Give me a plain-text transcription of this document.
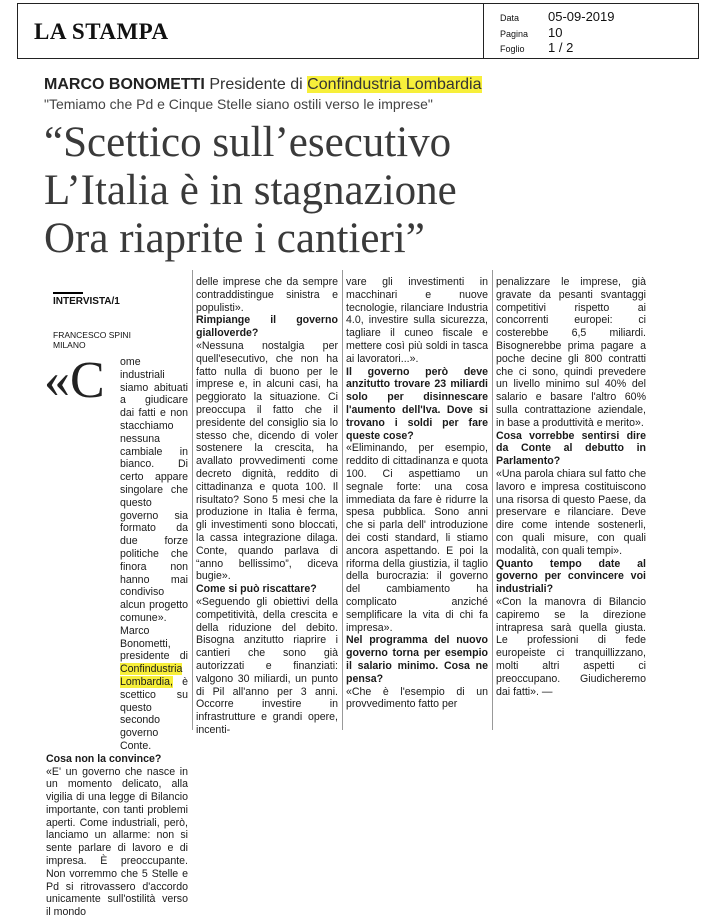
LA STAMPA
Data 05-09-2019
Pagina 10
Foglio 1 / 2
MARCO BONOMETTI Presidente di Confindustria Lombardia
"Temiamo che Pd e Cinque Stelle siano ostili verso le imprese"
“Scettico sull’esecutivo
L’Italia è in stagnazione
Ora riaprite i cantieri”
INTERVISTA/1
FRANCESCO SPINI
MILANO
«C	ome industriali siamo abituati a giudicare dai fatti e non stacchiamo nessuna cambiale in bianco. Di certo appare singolare che questo governo sia formato da due forze politiche che finora non hanno mai condiviso alcun progetto comune». Marco Bonometti, presidente di Confindustria Lombardia, è scettico su questo secondo governo Conte.

Cosa non la convince?

«E' un governo che nasce in un momento delicato, alla vigilia di una legge di Bilancio importante, con tanti problemi aperti. Come industriali, però, lanciamo un allarme: non si sente parlare di lavoro e di impresa. È preoccupante. Non vorremmo che 5 Stelle e Pd si ritrovassero d'accordo unicamente sull'ostilità verso il mondo

delle imprese che da sempre contraddistingue sinistra e populisti».

Rimpiange il governo gialloverde?

«Nessuna nostalgia per quell'esecutivo, che non ha fatto nulla di buono per le imprese e, in alcuni casi, ha peggiorato la situazione. Ci preoccupa il fatto che il presidente del consiglio sia lo stesso che, dicendo di voler sostenere la crescita, ha avallato provvedimenti come decreto dignità, reddito di cittadinanza e quota 100. Il risultato? Sono 5 mesi che la produzione in Italia è ferma, gli investimenti sono bloccati, la cassa integrazione dilaga. Conte, quando parlava di “anno bellissimo”, diceva bugie».

Come si può riscattare?

«Seguendo gli obiettivi della competitività, della crescita e della riduzione del debito. Bisogna anzitutto riaprire i cantieri che sono già autorizzati e finanziati: valgono 30 miliardi, un punto di Pil all'anno per 3 anni. Occorre investire in infrastrutture e grandi opere, incenti-

vare gli investimenti in macchinari e nuove tecnologie, rilanciare Industria 4.0, investire sulla sicurezza, tagliare il cuneo fiscale e mettere così più soldi in tasca ai lavoratori...».

Il governo però deve anzitutto trovare 23 miliardi solo per disinnescare l'aumento dell'Iva. Dove si trovano i soldi per fare queste cose?

«Eliminando, per esempio, reddito di cittadinanza e quota 100. Ci aspettiamo un segnale forte: una cosa immediata da fare è ridurre la spesa pubblica. Sono anni che si parla dell' introduzione dei costi standard, li stiamo ancora aspettando. E poi la riforma della giustizia, il taglio della burocrazia: il governo del cambiamento ha complicato anziché semplificare la vita di chi fa impresa».

Nel programma del nuovo governo torna per esempio il salario minimo. Cosa ne pensa?

«Che è l'esempio di un provvedimento fatto per

penalizzare le imprese, già gravate da pesanti svantaggi competitivi rispetto ai concorrenti europei: ci costerebbe 6,5 miliardi. Bisognerebbe prima pagare a poche decine gli 800 contratti che ci sono, quindi prevedere un livello minimo sul 40% del salario e basare l'altro 60% sulla contrattazione aziendale, in base a produttività e merito».

Cosa vorrebbe sentirsi dire da Conte al debutto in Parlamento?

«Una parola chiara sul fatto che lavoro e impresa costituiscono una risorsa di questo Paese, da preservare e rilanciare. Deve dire come intende sostenerli, con quali misure, con quali modalità, con quali tempi».

Quanto tempo date al governo per convincere voi industriali?

«Con la manovra di Bilancio capiremo se la direzione intrapresa sarà quella giusta. Le professioni di fede europeiste ci tranquillizzano, molti altri aspetti ci preoccupano. Giudicheremo dai fatti». —
